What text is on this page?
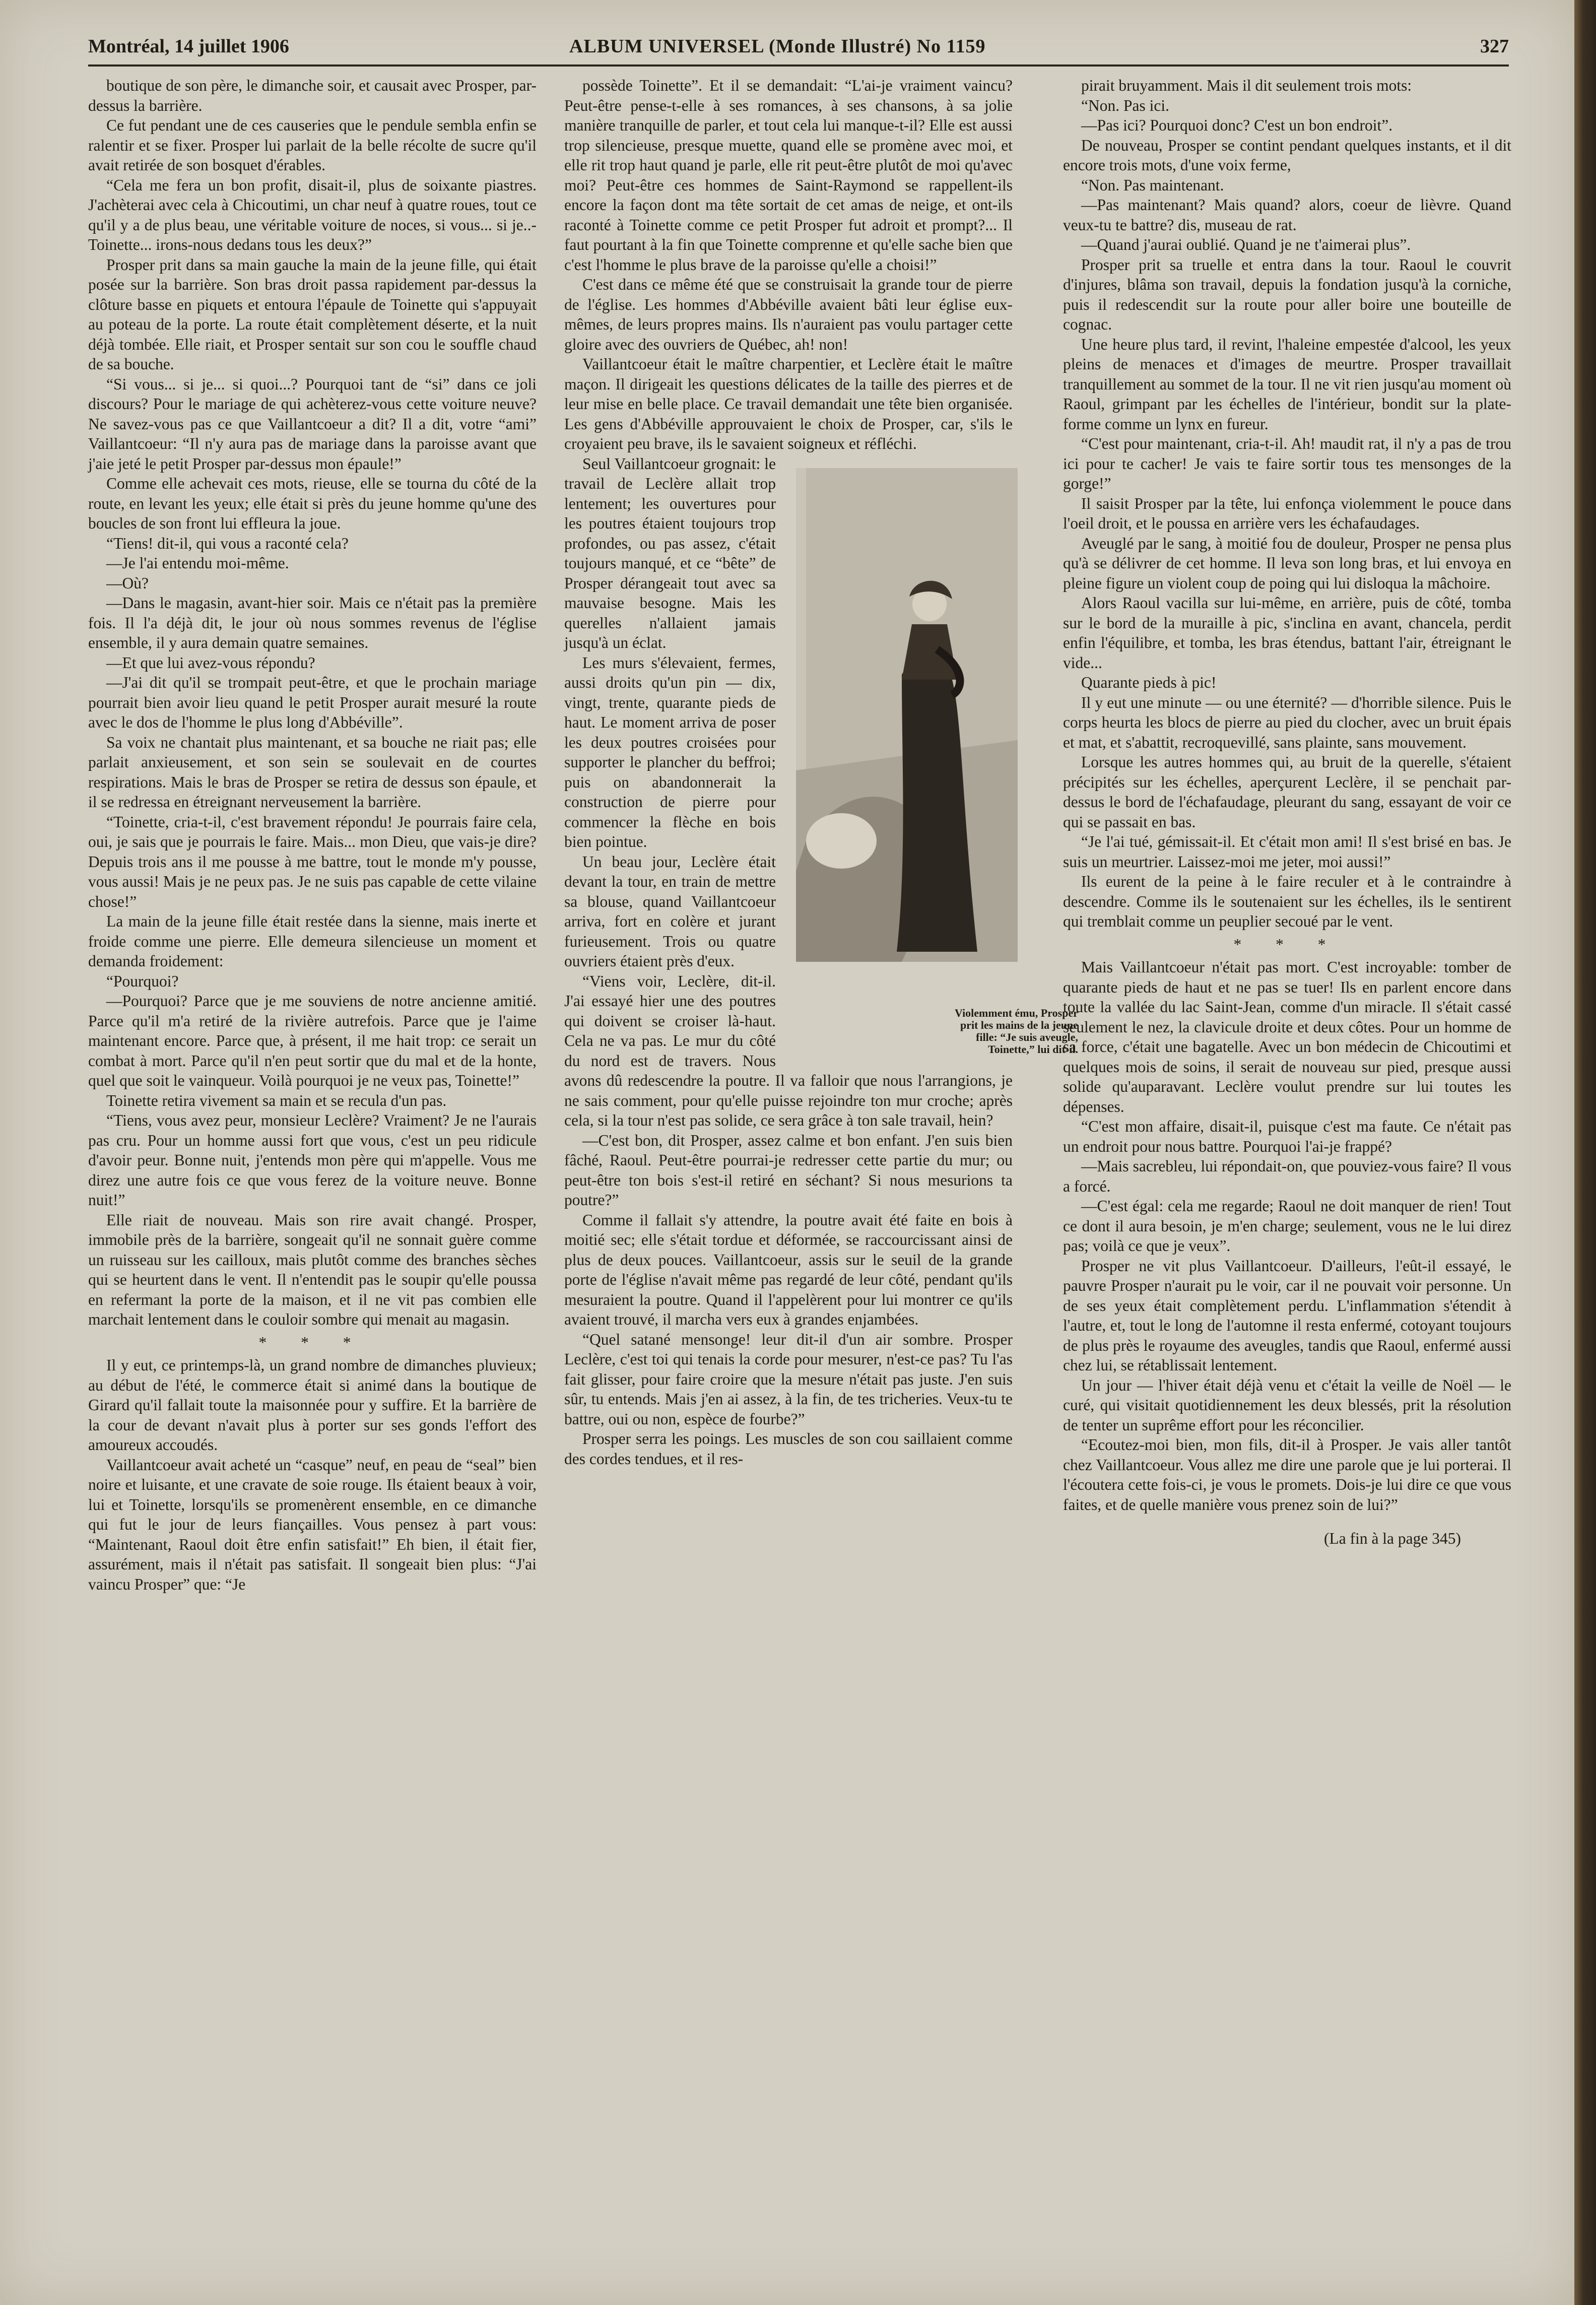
Montréal, 14 juillet 1906	ALBUM UNIVERSEL (Monde Illustré) No 1159	327

boutique de son père, le dimanche soir, et causait avec Prosper, par-dessus la barrière.

Ce fut pendant une de ces causeries que le pendule sembla enfin se ralentir et se fixer. Prosper lui parlait de la belle récolte de sucre qu'il avait retirée de son bosquet d'érables.

“Cela me fera un bon profit, disait-il, plus de soixante piastres. J'achèterai avec cela à Chicoutimi, un char neuf à quatre roues, tout ce qu'il y a de plus beau, une véritable voiture de noces, si vous... si je..- Toinette... irons-nous dedans tous les deux?”

Prosper prit dans sa main gauche la main de la jeune fille, qui était posée sur la barrière. Son bras droit passa rapidement par-dessus la clôture basse en piquets et entoura l'épaule de Toinette qui s'appuyait au poteau de la porte. La route était complètement déserte, et la nuit déjà tombée. Elle riait, et Prosper sentait sur son cou le souffle chaud de sa bouche.

“Si vous... si je... si quoi...? Pourquoi tant de “si” dans ce joli discours? Pour le mariage de qui achèterez-vous cette voiture neuve? Ne savez-vous pas ce que Vaillantcoeur a dit? Il a dit, votre “ami” Vaillantcoeur: “Il n'y aura pas de mariage dans la paroisse avant que j'aie jeté le petit Prosper par-dessus mon épaule!”

Comme elle achevait ces mots, rieuse, elle se tourna du côté de la route, en levant les yeux; elle était si près du jeune homme qu'une des boucles de son front lui effleura la joue.

“Tiens! dit-il, qui vous a raconté cela?

—Je l'ai entendu moi-même.

—Où?

—Dans le magasin, avant-hier soir. Mais ce n'était pas la première fois. Il l'a déjà dit, le jour où nous sommes revenus de l'église ensemble, il y aura demain quatre semaines.

—Et que lui avez-vous répondu?

—J'ai dit qu'il se trompait peut-être, et que le prochain mariage pourrait bien avoir lieu quand le petit Prosper aurait mesuré la route avec le dos de l'homme le plus long d'Abbéville”.

Sa voix ne chantait plus maintenant, et sa bouche ne riait pas; elle parlait anxieusement, et son sein se soulevait en de courtes respirations. Mais le bras de Prosper se retira de dessus son épaule, et il se redressa en étreignant nerveusement la barrière.

“Toinette, cria-t-il, c'est bravement répondu! Je pourrais faire cela, oui, je sais que je pourrais le faire. Mais... mon Dieu, que vais-je dire? Depuis trois ans il me pousse à me battre, tout le monde m'y pousse, vous aussi! Mais je ne peux pas. Je ne suis pas capable de cette vilaine chose!”

La main de la jeune fille était restée dans la sienne, mais inerte et froide comme une pierre. Elle demeura silencieuse un moment et demanda froidement:

“Pourquoi?

—Pourquoi? Parce que je me souviens de notre ancienne amitié. Parce qu'il m'a retiré de la rivière autrefois. Parce que je l'aime maintenant encore. Parce que, à présent, il me hait trop: ce serait un combat à mort. Parce qu'il n'en peut sortir que du mal et de la honte, quel que soit le vainqueur. Voilà pourquoi je ne veux pas, Toinette!”

Toinette retira vivement sa main et se recula d'un pas.

“Tiens, vous avez peur, monsieur Leclère? Vraiment? Je ne l'aurais pas cru. Pour un homme aussi fort que vous, c'est un peu ridicule d'avoir peur. Bonne nuit, j'entends mon père qui m'appelle. Vous me direz une autre fois ce que vous ferez de la voiture neuve. Bonne nuit!”

Elle riait de nouveau. Mais son rire avait changé. Prosper, immobile près de la barrière, songeait qu'il ne sonnait guère comme un ruisseau sur les cailloux, mais plutôt comme des branches sèches qui se heurtent dans le vent. Il n'entendit pas le soupir qu'elle poussa en refermant la porte de la maison, et il ne vit pas combien elle marchait lentement dans le couloir sombre qui menait au magasin.

* * *

Il y eut, ce printemps-là, un grand nombre de dimanches pluvieux; au début de l'été, le commerce était si animé dans la boutique de Girard qu'il fallait toute la maisonnée pour y suffire. Et la barrière de la cour de devant n'avait plus à porter sur ses gonds l'effort des amoureux accoudés.

Vaillantcoeur avait acheté un “casque” neuf, en peau de “seal” bien noire et luisante, et une cravate de soie rouge. Ils étaient beaux à voir, lui et Toinette, lorsqu'ils se promenèrent ensemble, en ce dimanche qui fut le jour de leurs fiançailles. Vous pensez à part vous: “Maintenant, Raoul doit être enfin satisfait!” Eh bien, il était fier, assurément, mais il n'était pas satisfait. Il songeait bien plus: “J'ai vaincu Prosper” que: “Je

possède Toinette”. Et il se demandait: “L'ai-je vraiment vaincu? Peut-être pense-t-elle à ses romances, à ses chansons, à sa jolie manière tranquille de parler, et tout cela lui manque-t-il? Elle est aussi trop silencieuse, presque muette, quand elle se promène avec moi, et elle rit trop haut quand je parle, elle rit peut-être plutôt de moi qu'avec moi? Peut-être ces hommes de Saint-Raymond se rappellent-ils encore la façon dont ma tête sortait de cet amas de neige, et ont-ils raconté à Toinette comme ce petit Prosper fut adroit et prompt?... Il faut pourtant à la fin que Toinette comprenne et qu'elle sache bien que c'est l'homme le plus brave de la paroisse qu'elle a choisi!”

C'est dans ce même été que se construisait la grande tour de pierre de l'église. Les hommes d'Abbéville avaient bâti leur église eux-mêmes, de leurs propres mains. Ils n'auraient pas voulu partager cette gloire avec des ouvriers de Québec, ah! non!

Vaillantcoeur était le maître charpentier, et Leclère était le maître maçon. Il dirigeait les questions délicates de la taille des pierres et de leur mise en belle place. Ce travail demandait une tête bien organisée. Les gens d'Abbéville approuvaient le choix de Prosper, car, s'ils le croyaient peu brave, ils le savaient soigneux et réfléchi.

Violemment ému, Prosper prit les mains de la jeune fille: “Je suis aveugle, Toinette,” lui dit-il.

Seul Vaillantcoeur grognait: le travail de Leclère allait trop lentement; les ouvertures pour les poutres étaient toujours trop profondes, ou pas assez, c'était toujours manqué, et ce “bête” de Prosper dérangeait tout avec sa mauvaise besogne. Mais les querelles n'allaient jamais jusqu'à un éclat.

Les murs s'élevaient, fermes, aussi droits qu'un pin — dix, vingt, trente, quarante pieds de haut. Le moment arriva de poser les deux poutres croisées pour supporter le plancher du beffroi; puis on abandonnerait la construction de pierre pour commencer la flèche en bois bien pointue.

Un beau jour, Leclère était devant la tour, en train de mettre sa blouse, quand Vaillantcoeur arriva, fort en colère et jurant furieusement. Trois ou quatre ouvriers étaient près d'eux.

“Viens voir, Leclère, dit-il. J'ai essayé hier une des poutres qui doivent se croiser là-haut. Cela ne va pas. Le mur du côté du nord est de travers. Nous avons dû redescendre la poutre. Il va falloir que nous l'arrangions, je ne sais comment, pour qu'elle puisse rejoindre ton mur croche; après cela, si la tour n'est pas solide, ce sera grâce à ton sale travail, hein?

—C'est bon, dit Prosper, assez calme et bon enfant. J'en suis bien fâché, Raoul. Peut-être pourrai-je redresser cette partie du mur; ou peut-être ton bois s'est-il retiré en séchant? Si nous mesurions ta poutre?”

Comme il fallait s'y attendre, la poutre avait été faite en bois à moitié sec; elle s'était tordue et déformée, se raccourcissant ainsi de plus de deux pouces. Vaillantcoeur, assis sur le seuil de la grande porte de l'église n'avait même pas regardé de leur côté, pendant qu'ils mesuraient la poutre. Quand il l'appelèrent pour lui montrer ce qu'ils avaient trouvé, il marcha vers eux à grandes enjambées.

“Quel satané mensonge! leur dit-il d'un air sombre. Prosper Leclère, c'est toi qui tenais la corde pour mesurer, n'est-ce pas? Tu l'as fait glisser, pour faire croire que la mesure n'était pas juste. J'en suis sûr, tu entends. Mais j'en ai assez, à la fin, de tes tricheries. Veux-tu te battre, oui ou non, espèce de fourbe?”

Prosper serra les poings. Les muscles de son cou saillaient comme des cordes tendues, et il res-

pirait bruyamment. Mais il dit seulement trois mots:

“Non. Pas ici.

—Pas ici? Pourquoi donc? C'est un bon endroit”.

De nouveau, Prosper se contint pendant quelques instants, et il dit encore trois mots, d'une voix ferme,

“Non. Pas maintenant.

—Pas maintenant? Mais quand? alors, coeur de lièvre. Quand veux-tu te battre? dis, museau de rat.

—Quand j'aurai oublié. Quand je ne t'aimerai plus”.

Prosper prit sa truelle et entra dans la tour. Raoul le couvrit d'injures, blâma son travail, depuis la fondation jusqu'à la corniche, puis il redescendit sur la route pour aller boire une bouteille de cognac.

Une heure plus tard, il revint, l'haleine empestée d'alcool, les yeux pleins de menaces et d'images de meurtre. Prosper travaillait tranquillement au sommet de la tour. Il ne vit rien jusqu'au moment où Raoul, grimpant par les échelles de l'intérieur, bondit sur la plate-forme comme un lynx en fureur.

“C'est pour maintenant, cria-t-il. Ah! maudit rat, il n'y a pas de trou ici pour te cacher! Je vais te faire sortir tous tes mensonges de la gorge!”

Il saisit Prosper par la tête, lui enfonça violemment le pouce dans l'oeil droit, et le poussa en arrière vers les échafaudages.

Aveuglé par le sang, à moitié fou de douleur, Prosper ne pensa plus qu'à se délivrer de cet homme. Il leva son long bras, et lui envoya en pleine figure un violent coup de poing qui lui disloqua la mâchoire.

Alors Raoul vacilla sur lui-même, en arrière, puis de côté, tomba sur le bord de la muraille à pic, s'inclina en avant, chancela, perdit enfin l'équilibre, et tomba, les bras étendus, battant l'air, étreignant le vide...

Quarante pieds à pic!

Il y eut une minute — ou une éternité? — d'horrible silence. Puis le corps heurta les blocs de pierre au pied du clocher, avec un bruit épais et mat, et s'abattit, recroquevillé, sans plainte, sans mouvement.

Lorsque les autres hommes qui, au bruit de la querelle, s'étaient précipités sur les échelles, aperçurent Leclère, il se penchait par-dessus le bord de l'échafaudage, pleurant du sang, essayant de voir ce qui se passait en bas.

“Je l'ai tué, gémissait-il. Et c'était mon ami! Il s'est brisé en bas. Je suis un meurtrier. Laissez-moi me jeter, moi aussi!”

Ils eurent de la peine à le faire reculer et à le contraindre à descendre. Comme ils le soutenaient sur les échelles, ils le sentirent qui tremblait comme un peuplier secoué par le vent.

* * *

Mais Vaillantcoeur n'était pas mort. C'est incroyable: tomber de quarante pieds de haut et ne pas se tuer! Ils en parlent encore dans toute la vallée du lac Saint-Jean, comme d'un miracle. Il s'était cassé seulement le nez, la clavicule droite et deux côtes. Pour un homme de sa force, c'était une bagatelle. Avec un bon médecin de Chicoutimi et quelques mois de soins, il serait de nouveau sur pied, presque aussi solide qu'auparavant. Leclère voulut prendre sur lui toutes les dépenses.

“C'est mon affaire, disait-il, puisque c'est ma faute. Ce n'était pas un endroit pour nous battre. Pourquoi l'ai-je frappé?

—Mais sacrebleu, lui répondait-on, que pouviez-vous faire? Il vous a forcé.

—C'est égal: cela me regarde; Raoul ne doit manquer de rien! Tout ce dont il aura besoin, je m'en charge; seulement, vous ne le lui direz pas; voilà ce que je veux”.

Prosper ne vit plus Vaillantcoeur. D'ailleurs, l'eût-il essayé, le pauvre Prosper n'aurait pu le voir, car il ne pouvait voir personne. Un de ses yeux était complètement perdu. L'inflammation s'étendit à l'autre, et, tout le long de l'automne il resta enfermé, cotoyant toujours de plus près le royaume des aveugles, tandis que Raoul, enfermé aussi chez lui, se rétablissait lentement.

Un jour — l'hiver était déjà venu et c'était la veille de Noël — le curé, qui visitait quotidiennement les deux blessés, prit la résolution de tenter un suprême effort pour les réconcilier.

“Ecoutez-moi bien, mon fils, dit-il à Prosper. Je vais aller tantôt chez Vaillantcoeur. Vous allez me dire une parole que je lui porterai. Il l'écoutera cette fois-ci, je vous le promets. Dois-je lui dire ce que vous faites, et de quelle manière vous prenez soin de lui?”

(La fin à la page 345)
